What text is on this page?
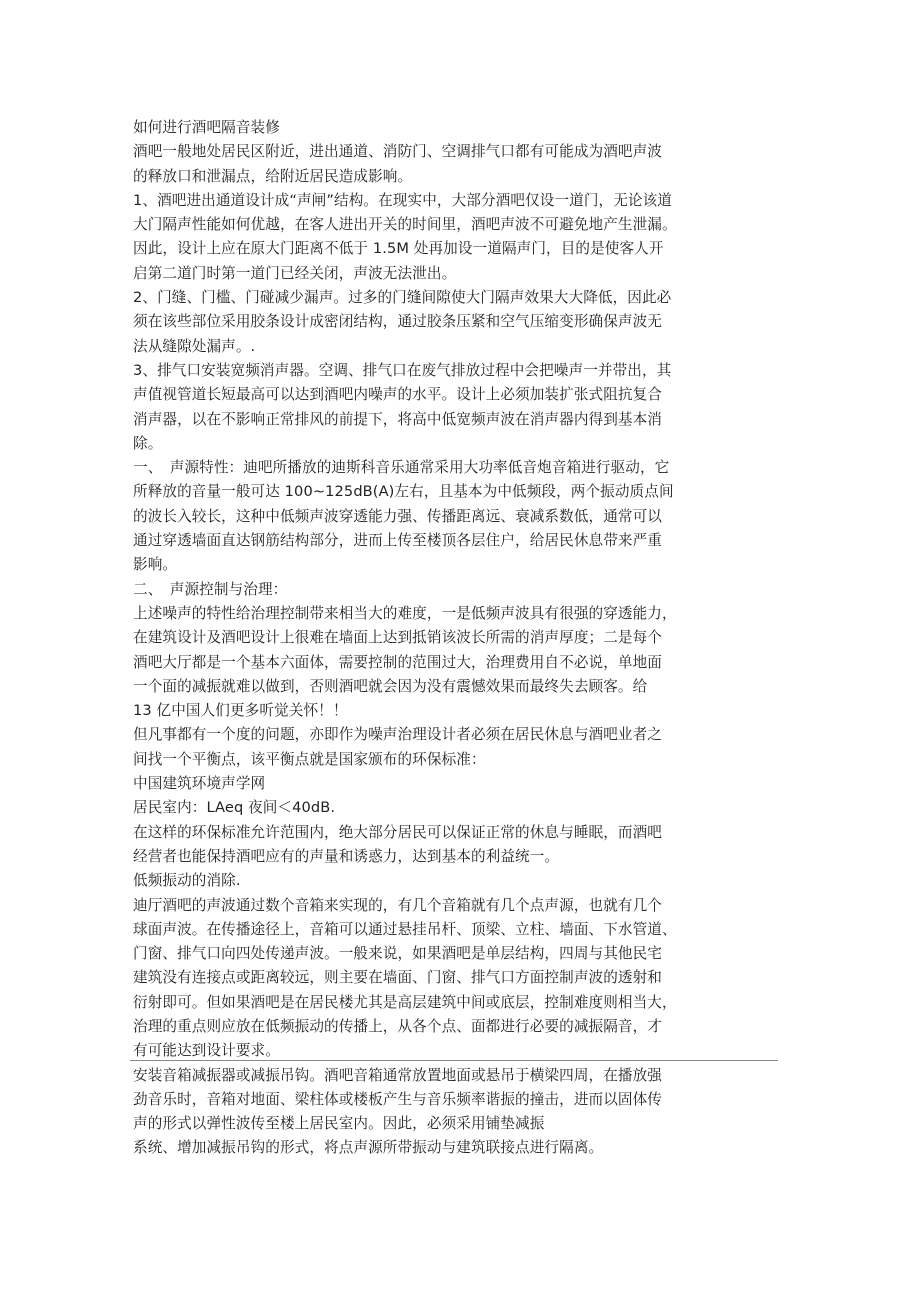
如何进行酒吧隔音装修
酒吧一般地处居民区附近，进出通道、消防门、空调排气口都有可能成为酒吧声波
的释放口和泄漏点，给附近居民造成影响。
1、酒吧进出通道设计成“声闸”结构。在现实中，大部分酒吧仅设一道门，无论该道
大门隔声性能如何优越，在客人进出开关的时间里，酒吧声波不可避免地产生泄漏。
因此，设计上应在原大门距离不低于 1.5M 处再加设一道隔声门，目的是使客人开
启第二道门时第一道门已经关闭，声波无法泄出。
2、门缝、门槛、门碰减少漏声。过多的门缝间隙使大门隔声效果大大降低，因此必
须在该些部位采用胶条设计成密闭结构，通过胶条压紧和空气压缩变形确保声波无
法从缝隙处漏声。.
3、排气口安装宽频消声器。空调、排气口在废气排放过程中会把噪声一并带出，其
声值视管道长短最高可以达到酒吧内噪声的水平。设计上必须加装扩张式阻抗复合
消声器，以在不影响正常排风的前提下，将高中低宽频声波在消声器内得到基本消
除。
一、　声源特性：迪吧所播放的迪斯科音乐通常采用大功率低音炮音箱进行驱动，它
所释放的音量一般可达 100~125dB(A)左右，且基本为中低频段，两个振动质点间
的波长入较长，这种中低频声波穿透能力强、传播距离远、衰减系数低，通常可以
通过穿透墙面直达钢筋结构部分，进而上传至楼顶各层住户，给居民休息带来严重
影响。
二、　声源控制与治理：
上述噪声的特性给治理控制带来相当大的难度，一是低频声波具有很强的穿透能力，
在建筑设计及酒吧设计上很难在墙面上达到抵销该波长所需的消声厚度；二是每个
酒吧大厅都是一个基本六面体，需要控制的范围过大，治理费用自不必说，单地面
一个面的减振就难以做到，否则酒吧就会因为没有震憾效果而最终失去顾客。给
13 亿中国人们更多听觉关怀！！
但凡事都有一个度的问题，亦即作为噪声治理设计者必须在居民休息与酒吧业者之
间找一个平衡点，该平衡点就是国家颁布的环保标准：
中国建筑环境声学网
居民室内：LAeq 夜间＜40dB.
在这样的环保标准允许范围内，绝大部分居民可以保证正常的休息与睡眠，而酒吧
经营者也能保持酒吧应有的声量和诱惑力，达到基本的利益统一。
低频振动的消除.
迪厅酒吧的声波通过数个音箱来实现的，有几个音箱就有几个点声源，也就有几个
球面声波。在传播途径上，音箱可以通过悬挂吊杆、顶梁、立柱、墙面、下水管道、
门窗、排气口向四处传递声波。一般来说，如果酒吧是单层结构，四周与其他民宅
建筑没有连接点或距离较远，则主要在墙面、门窗、排气口方面控制声波的透射和
衍射即可。但如果酒吧是在居民楼尤其是高层建筑中间或底层，控制难度则相当大，
治理的重点则应放在低频振动的传播上，从各个点、面都进行必要的减振隔音，才
有可能达到设计要求。
安装音箱减振器或减振吊钩。酒吧音箱通常放置地面或悬吊于横梁四周，在播放强
劲音乐时，音箱对地面、梁柱体或楼板产生与音乐频率谐振的撞击，进而以固体传
声的形式以弹性波传至楼上居民室内。因此，必须采用铺垫减振
系统、增加减振吊钩的形式，将点声源所带振动与建筑联接点进行隔离。
